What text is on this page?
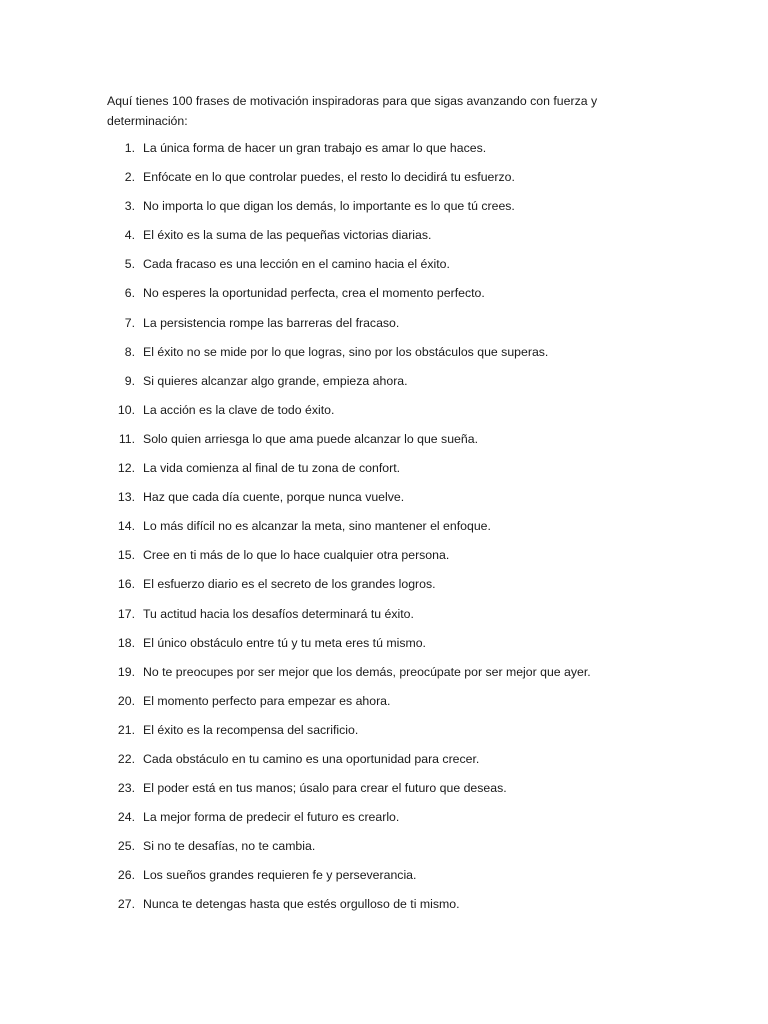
Aquí tienes 100 frases de motivación inspiradoras para que sigas avanzando con fuerza y determinación:

1. La única forma de hacer un gran trabajo es amar lo que haces.
2. Enfócate en lo que controlar puedes, el resto lo decidirá tu esfuerzo.
3. No importa lo que digan los demás, lo importante es lo que tú crees.
4. El éxito es la suma de las pequeñas victorias diarias.
5. Cada fracaso es una lección en el camino hacia el éxito.
6. No esperes la oportunidad perfecta, crea el momento perfecto.
7. La persistencia rompe las barreras del fracaso.
8. El éxito no se mide por lo que logras, sino por los obstáculos que superas.
9. Si quieres alcanzar algo grande, empieza ahora.
10. La acción es la clave de todo éxito.
11. Solo quien arriesga lo que ama puede alcanzar lo que sueña.
12. La vida comienza al final de tu zona de confort.
13. Haz que cada día cuente, porque nunca vuelve.
14. Lo más difícil no es alcanzar la meta, sino mantener el enfoque.
15. Cree en ti más de lo que lo hace cualquier otra persona.
16. El esfuerzo diario es el secreto de los grandes logros.
17. Tu actitud hacia los desafíos determinará tu éxito.
18. El único obstáculo entre tú y tu meta eres tú mismo.
19. No te preocupes por ser mejor que los demás, preocúpate por ser mejor que ayer.
20. El momento perfecto para empezar es ahora.
21. El éxito es la recompensa del sacrificio.
22. Cada obstáculo en tu camino es una oportunidad para crecer.
23. El poder está en tus manos; úsalo para crear el futuro que deseas.
24. La mejor forma de predecir el futuro es crearlo.
25. Si no te desafías, no te cambia.
26. Los sueños grandes requieren fe y perseverancia.
27. Nunca te detengas hasta que estés orgulloso de ti mismo.
